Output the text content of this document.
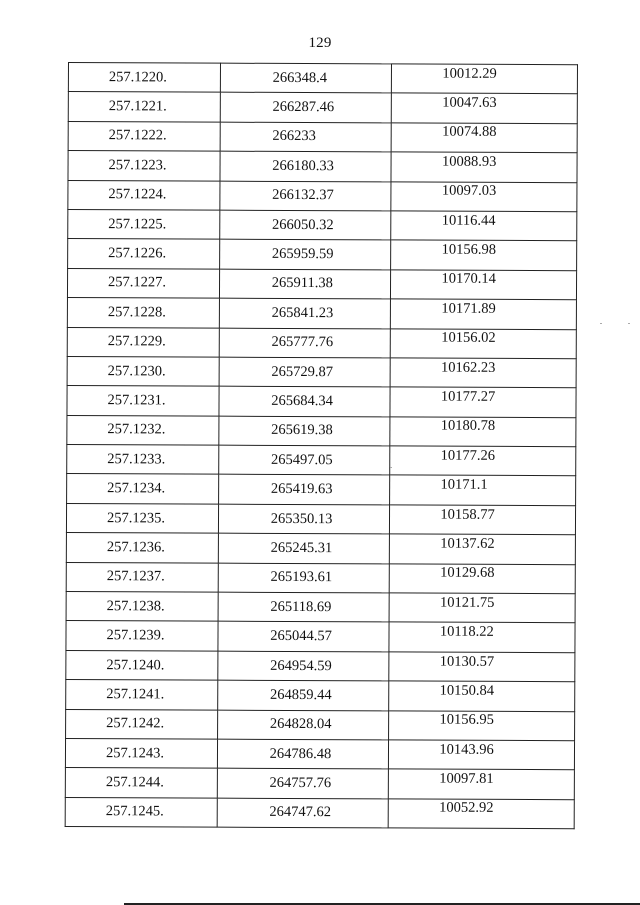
129
257.1220.	266348.4	10012.29
257.1221.	266287.46	10047.63
257.1222.	266233	10074.88
257.1223.	266180.33	10088.93
257.1224.	266132.37	10097.03
257.1225.	266050.32	10116.44
257.1226.	265959.59	10156.98
257.1227.	265911.38	10170.14
257.1228.	265841.23	10171.89
257.1229.	265777.76	10156.02
257.1230.	265729.87	10162.23
257.1231.	265684.34	10177.27
257.1232.	265619.38	10180.78
257.1233.	265497.05	10177.26
257.1234.	265419.63	10171.1
257.1235.	265350.13	10158.77
257.1236.	265245.31	10137.62
257.1237.	265193.61	10129.68
257.1238.	265118.69	10121.75
257.1239.	265044.57	10118.22
257.1240.	264954.59	10130.57
257.1241.	264859.44	10150.84
257.1242.	264828.04	10156.95
257.1243.	264786.48	10143.96
257.1244.	264757.76	10097.81
257.1245.	264747.62	10052.92
